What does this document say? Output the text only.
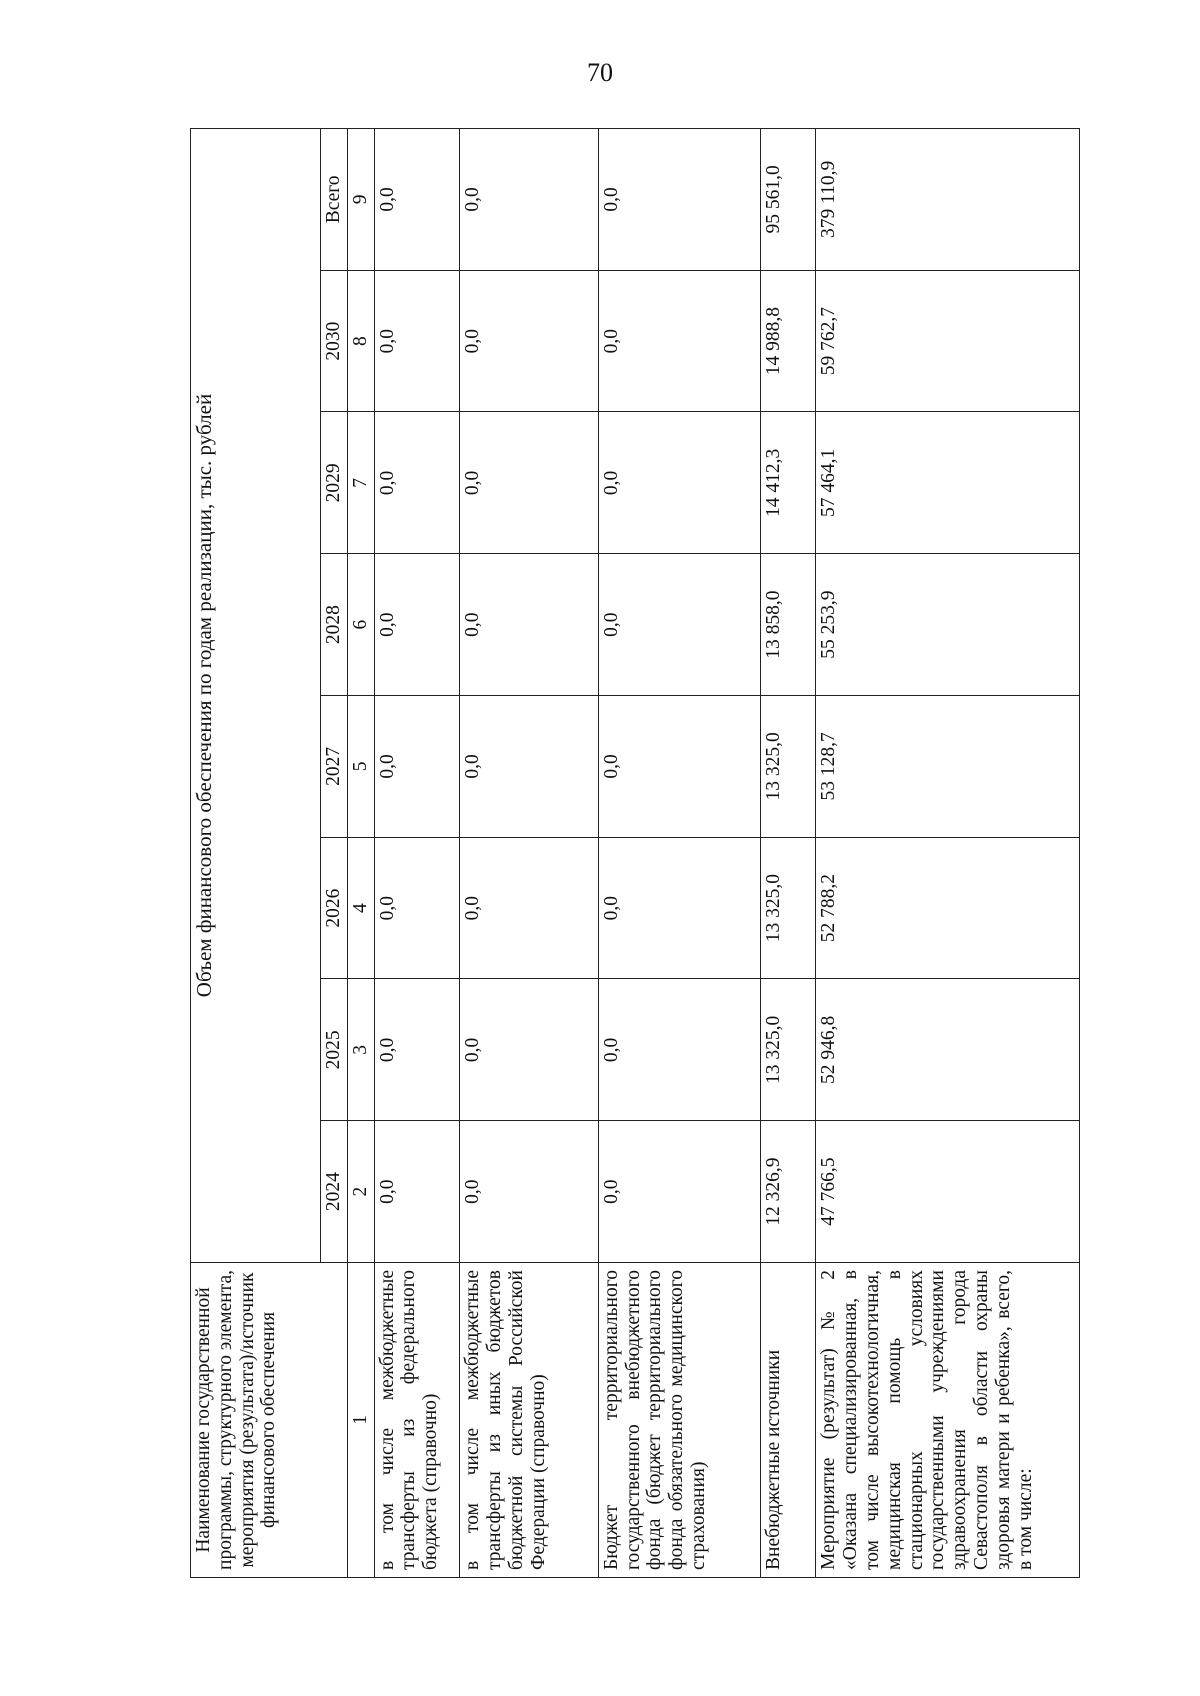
70
Наименование государственной программы, структурного элемента, мероприятия (результата)/источник финансового обеспечения	Объем финансового обеспечения по годам реализации, тыс. рублей							
	2024	2025	2026	2027	2028	2029	2030	Всего
1	2	3	4	5	6	7	8	9
в том числе межбюджетные трансферты из федерального бюджета (справочно)	0,0	0,0	0,0	0,0	0,0	0,0	0,0	0,0
в том числе межбюджетные трансферты из иных бюджетов бюджетной системы Российской Федерации (справочно)	0,0	0,0	0,0	0,0	0,0	0,0	0,0	0,0
Бюджет территориального государственного внебюджетного фонда (бюджет территориального фонда обязательного медицинского страхования)	0,0	0,0	0,0	0,0	0,0	0,0	0,0	0,0
Внебюджетные источники	12 326,9	13 325,0	13 325,0	13 325,0	13 858,0	14 412,3	14 988,8	95 561,0
Мероприятие (результат) № 2 «Оказана специализированная, в том числе высокотехнологичная, медицинская помощь в стационарных условиях государственными учреждениями здравоохранения города Севастополя в области охраны здоровья матери и ребенка», всего, в том числе:	47 766,5	52 946,8	52 788,2	53 128,7	55 253,9	57 464,1	59 762,7	379 110,9
